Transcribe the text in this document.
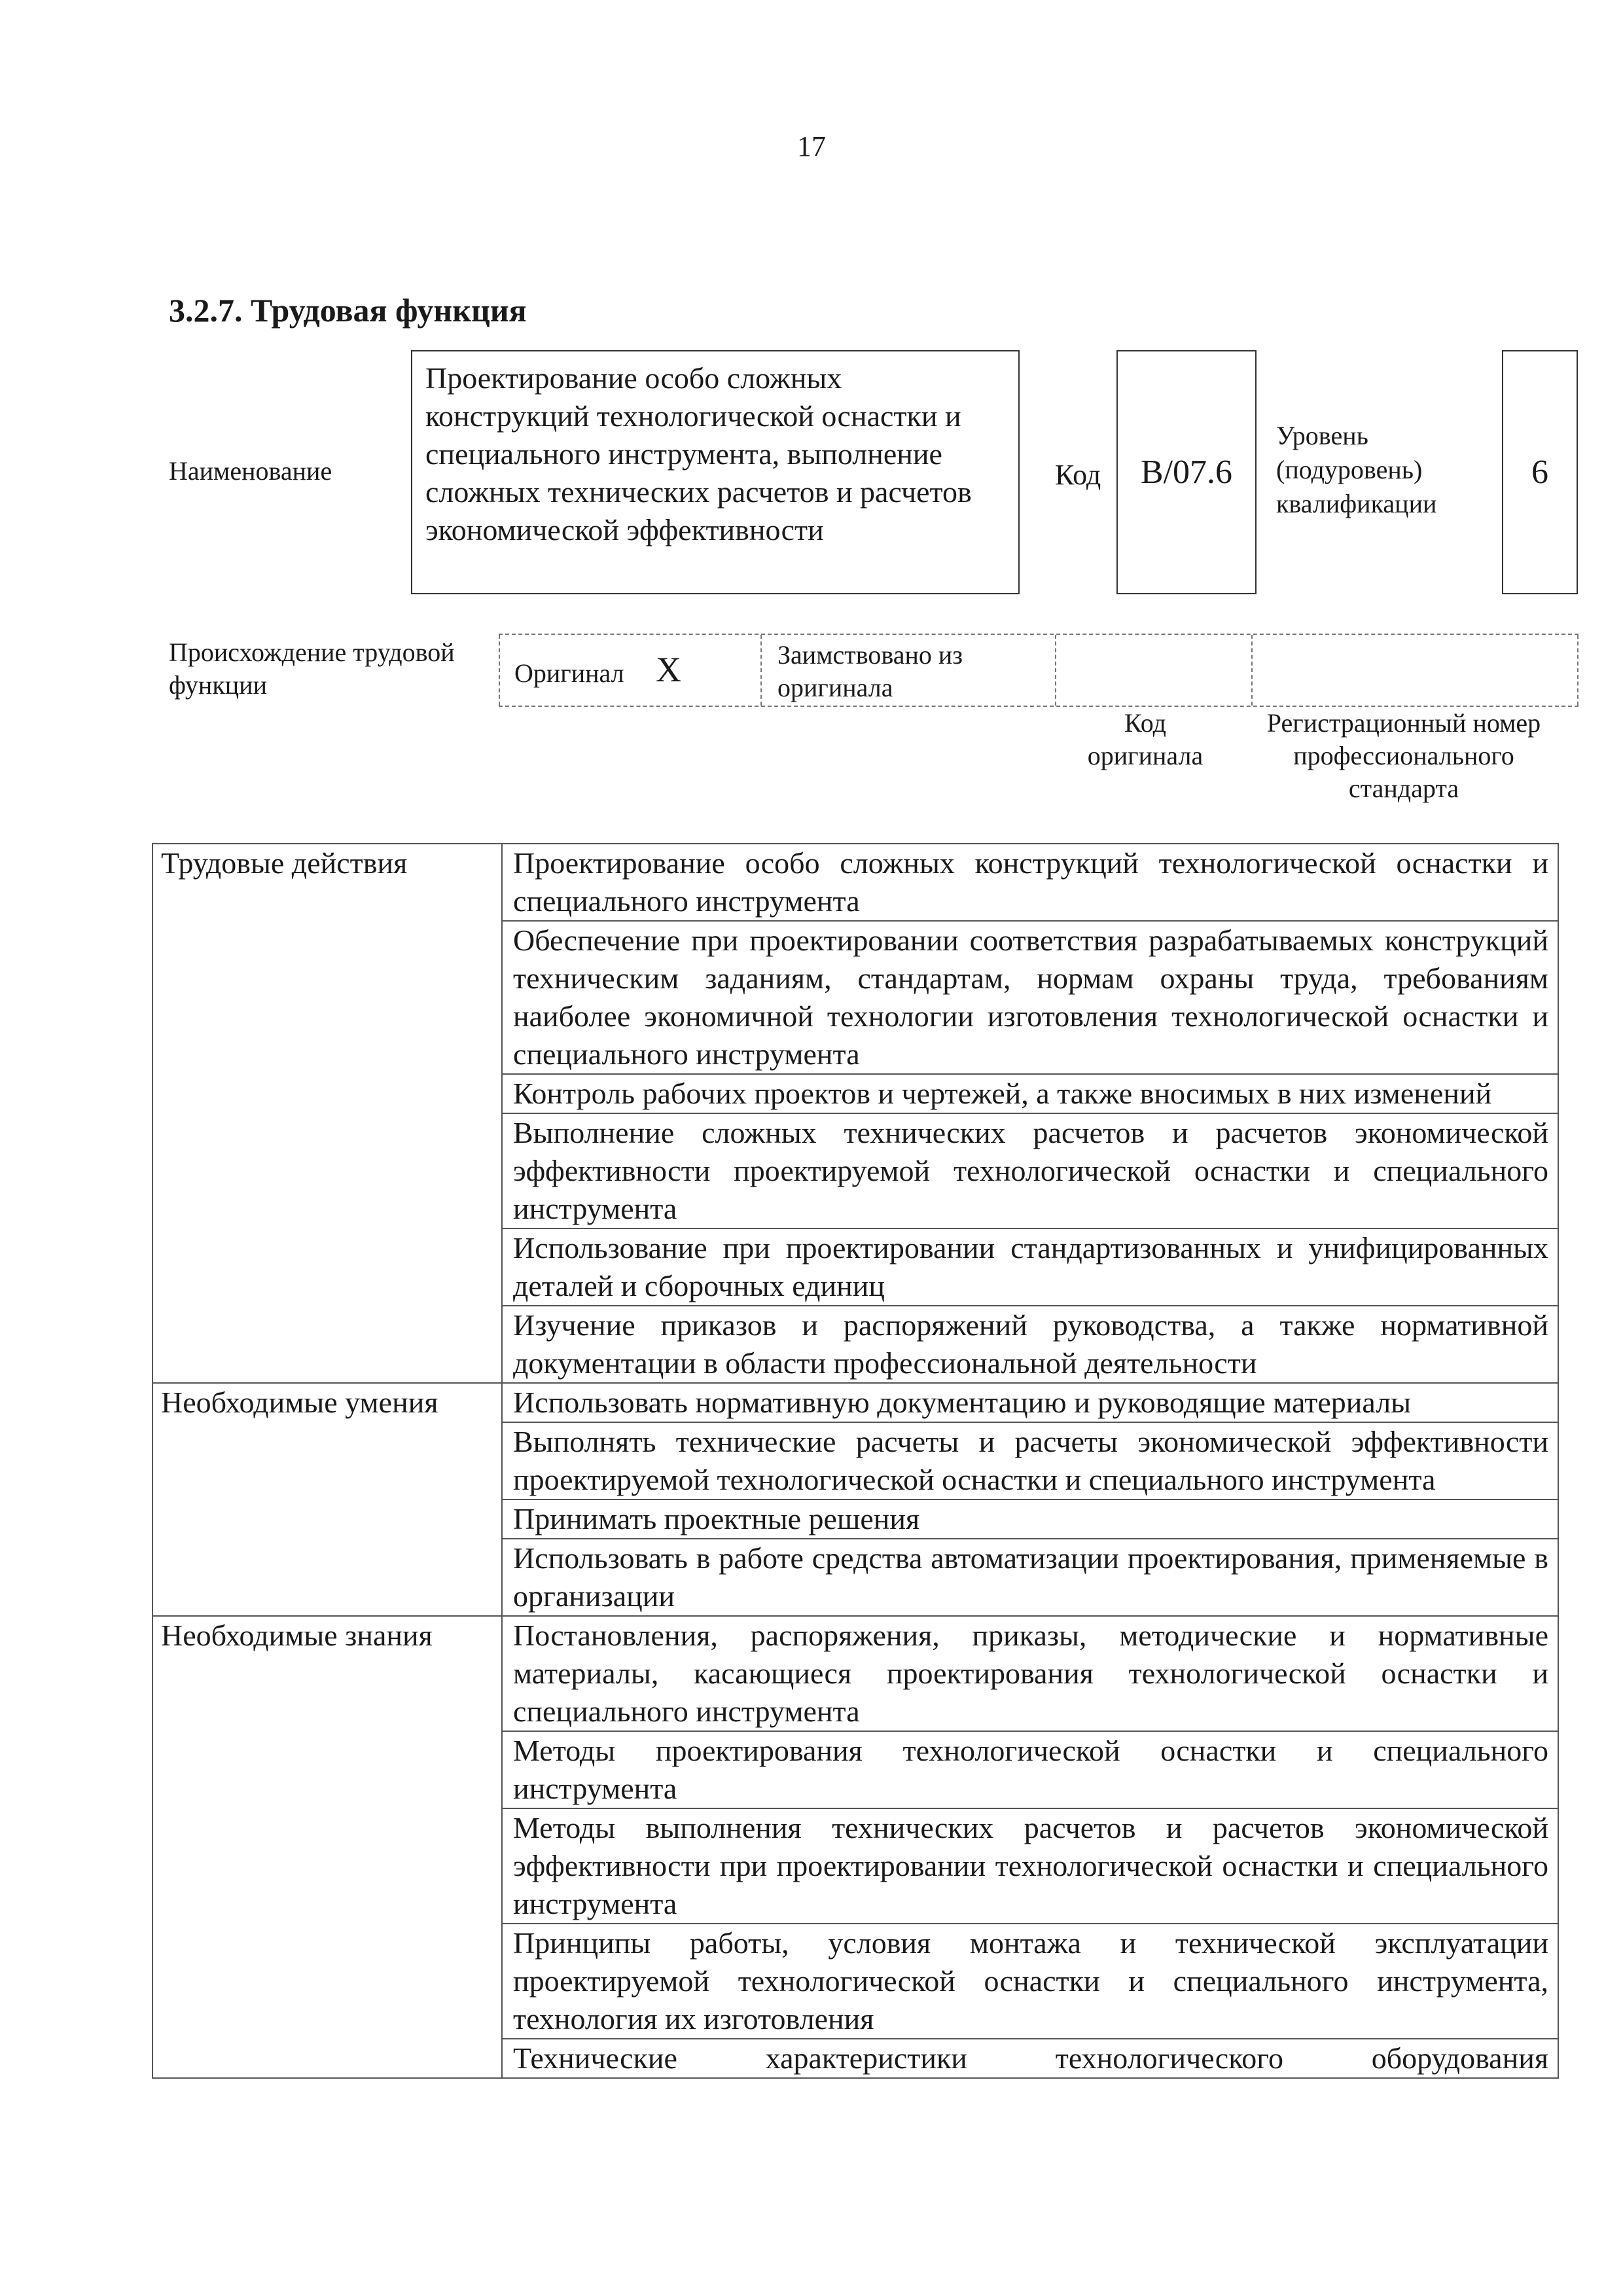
17
3.2.7. Трудовая функция
Наименование
Проектирование особо сложных конструкций технологической оснастки и специального инструмента, выполнение сложных технических расчетов и расчетов экономической эффективности
Код В/07.6
Уровень (подуровень) квалификации
6
Происхождение трудовой функции	Оригинал X	Заимствовано из оригинала
Код оригинала
Регистрационный номер профессионального стандарта
Трудовые действия	Проектирование особо сложных конструкций технологической оснастки и специального инструмента
	Обеспечение при проектировании соответствия разрабатываемых конструкций техническим заданиям, стандартам, нормам охраны труда, требованиям наиболее экономичной технологии изготовления технологической оснастки и специального инструмента
	Контроль рабочих проектов и чертежей, а также вносимых в них изменений
	Выполнение сложных технических расчетов и расчетов экономической эффективности проектируемой технологической оснастки и специального инструмента
	Использование при проектировании стандартизованных и унифицированных деталей и сборочных единиц
	Изучение приказов и распоряжений руководства, а также нормативной документации в области профессиональной деятельности
Необходимые умения	Использовать нормативную документацию и руководящие материалы
	Выполнять технические расчеты и расчеты экономической эффективности проектируемой технологической оснастки и специального инструмента
	Принимать проектные решения
	Использовать в работе средства автоматизации проектирования, применяемые в организации
Необходимые знания	Постановления, распоряжения, приказы, методические и нормативные материалы, касающиеся проектирования технологической оснастки и специального инструмента
	Методы проектирования технологической оснастки и специального инструмента
	Методы выполнения технических расчетов и расчетов экономической эффективности при проектировании технологической оснастки и специального инструмента
	Принципы работы, условия монтажа и технической эксплуатации проектируемой технологической оснастки и специального инструмента, технология их изготовления
	Технические характеристики технологического оборудования
